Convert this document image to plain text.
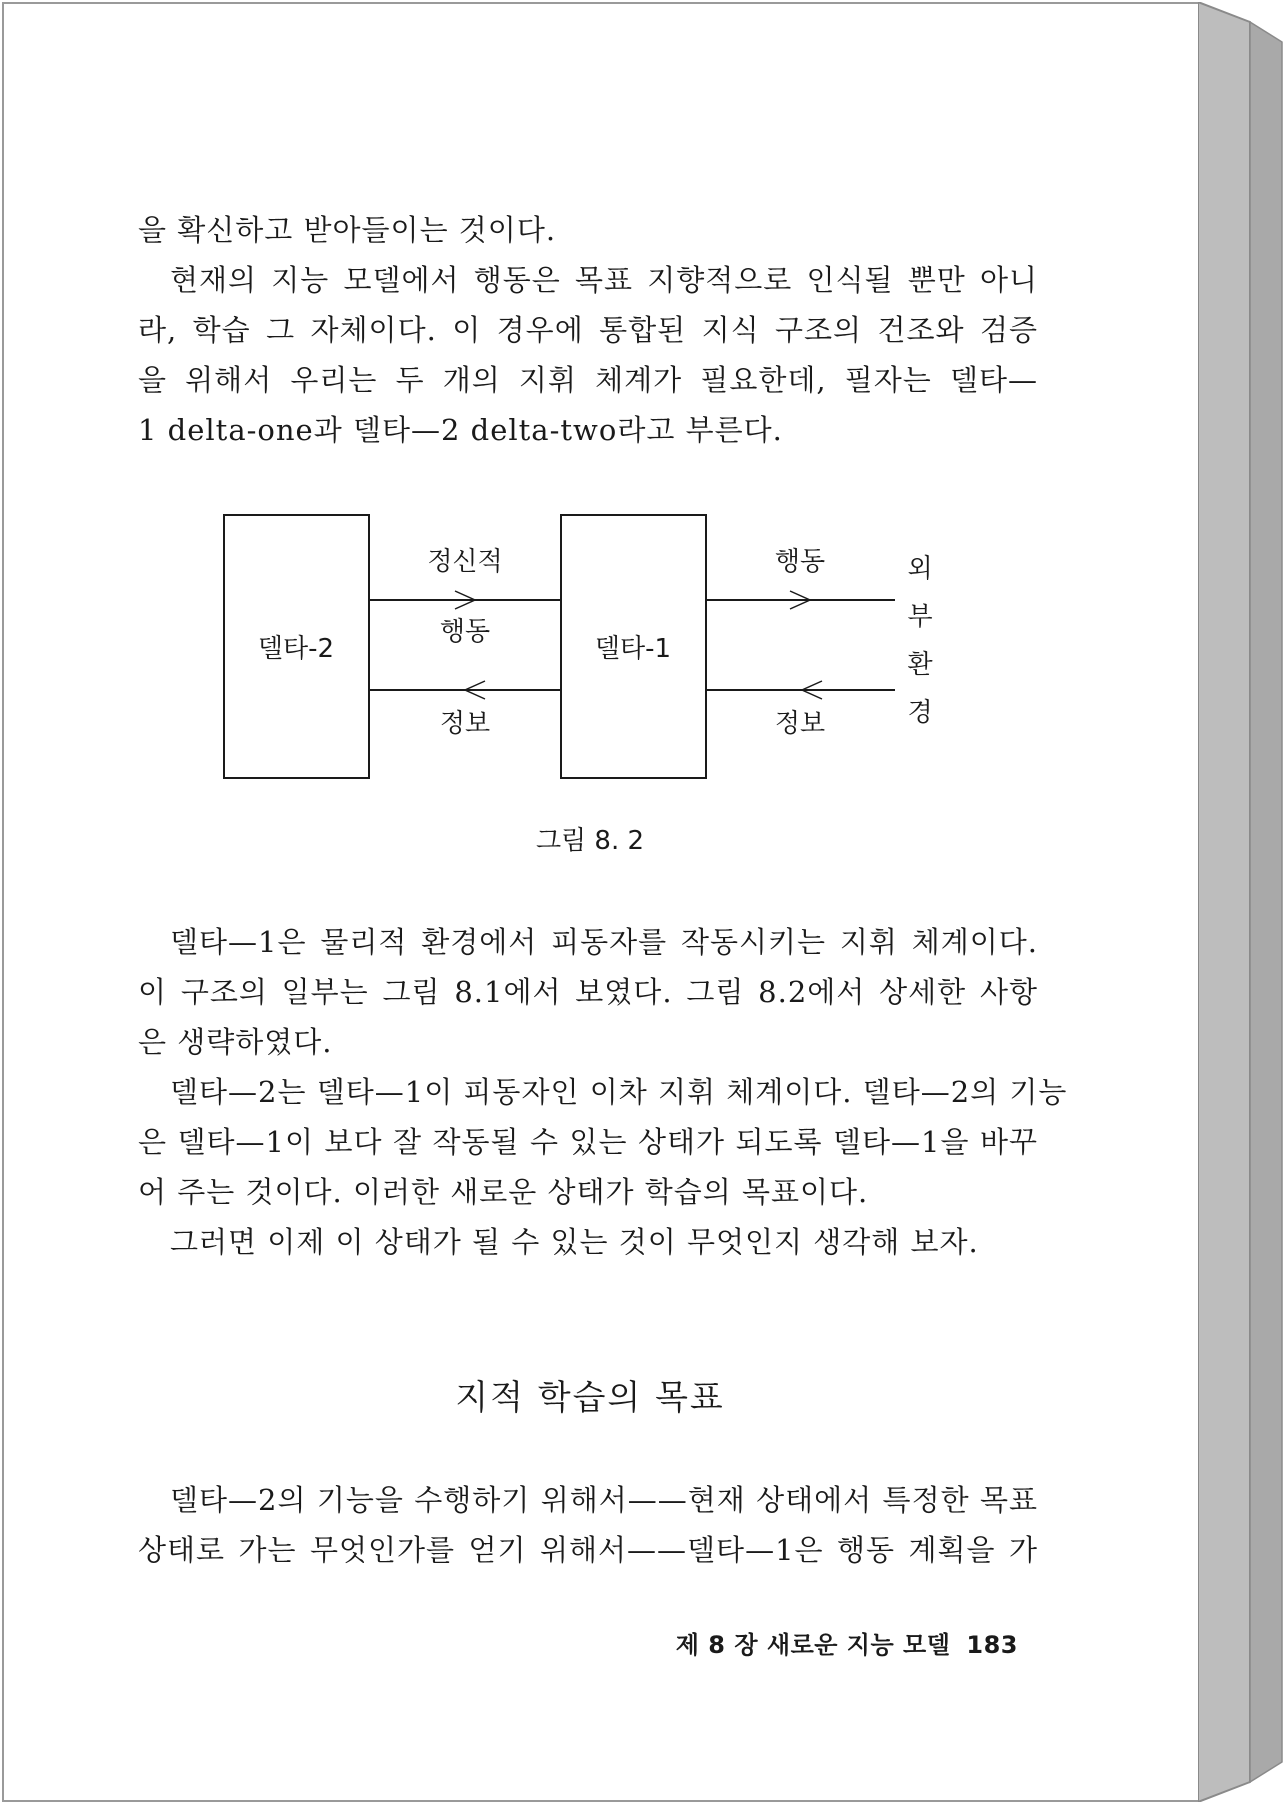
을 확신하고 받아들이는 것이다.
현재의 지능 모델에서 행동은 목표 지향적으로 인식될 뿐만 아니
라, 학습 그 자체이다. 이 경우에 통합된 지식 구조의 건조와 검증
을 위해서 우리는 두 개의 지휘 체계가 필요한데, 필자는 델타—
1 delta-one과 델타—2 delta-two라고 부른다.
델타-2	델타-1
정신적
행동
정보
행동
정보
외
부
환
경
그림 8. 2
델타—1은 물리적 환경에서 피동자를 작동시키는 지휘 체계이다.
이 구조의 일부는 그림 8.1에서 보였다. 그림 8.2에서 상세한 사항
은 생략하였다.
델타—2는 델타—1이 피동자인 이차 지휘 체계이다. 델타—2의 기능
은 델타—1이 보다 잘 작동될 수 있는 상태가 되도록 델타—1을 바꾸
어 주는 것이다. 이러한 새로운 상태가 학습의 목표이다.
그러면 이제 이 상태가 될 수 있는 것이 무엇인지 생각해 보자.
지적 학습의 목표
델타—2의 기능을 수행하기 위해서——현재 상태에서 특정한 목표
상태로 가는 무엇인가를 얻기 위해서——델타—1은 행동 계획을 가
제 8 장 새로운 지능 모델 183
